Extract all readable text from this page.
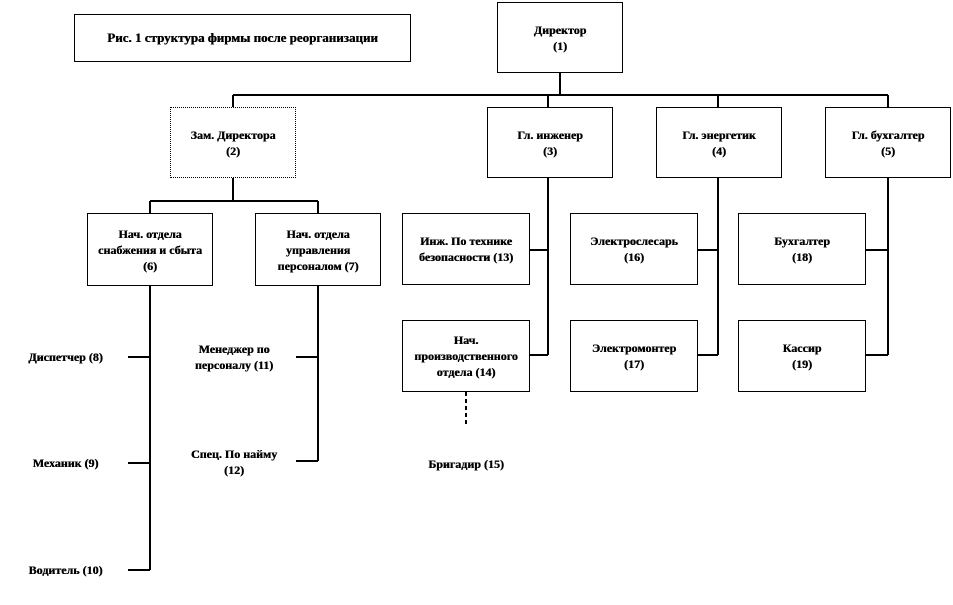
Рис. 1 структура фирмы после реорганизации
Директор
(1)
Зам. Директора
(2)
Гл. инженер
(3)
Гл. энергетик
(4)
Гл. бухгалтер
(5)
Нач. отдела
снабжения и сбыта
(6)
Нач. отдела
управления
персоналом (7)
Диспетчер (8)
Механик (9)
Водитель (10)
Менеджер по
персоналу (11)
Спец. По найму
(12)
Инж. По технике
безопасности (13)
Нач.
производственного
отдела (14)
Бригадир (15)
Электрослесарь
(16)
Электромонтер
(17)
Бухгалтер
(18)
Кассир
(19)
